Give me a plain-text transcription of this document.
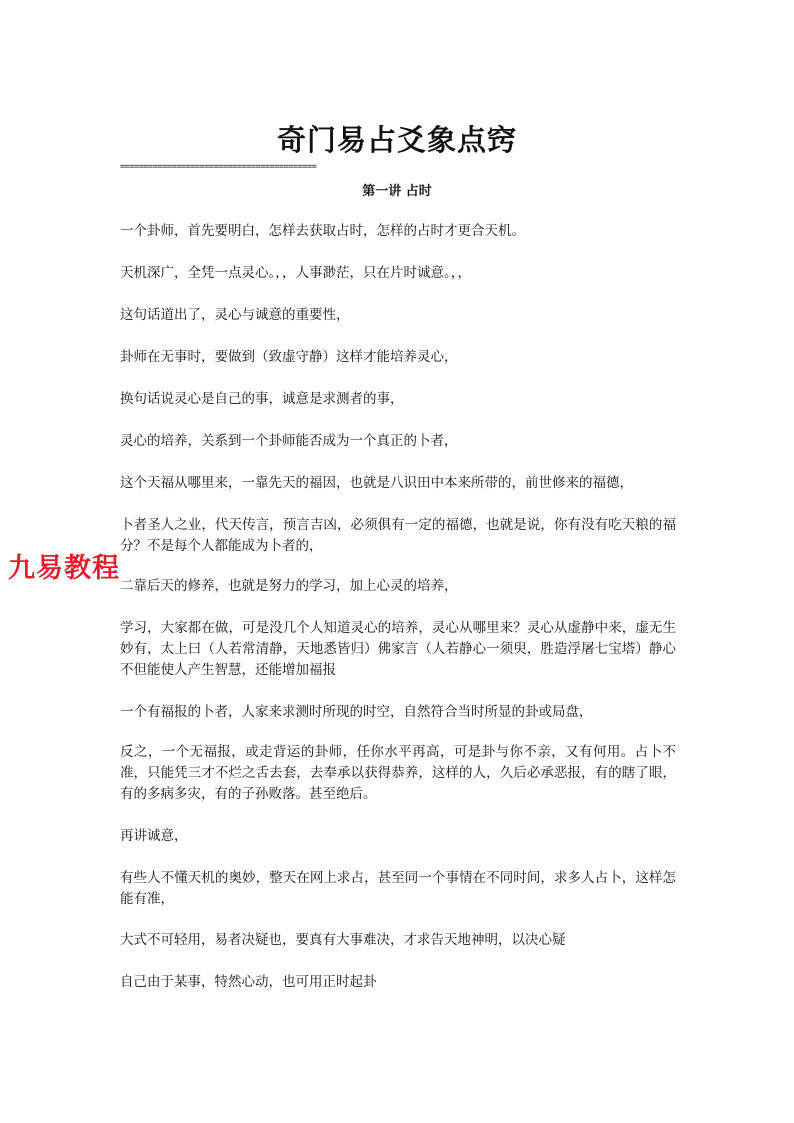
奇门易占爻象点窍
==========================================
第一讲 占时

一个卦师，首先要明白，怎样去获取占时，怎样的占时才更合天机。

天机深广，全凭一点灵心。，，人事渺茫，只在片时诚意。，，

这句话道出了，灵心与诚意的重要性，

卦师在无事时，要做到（致虚守静）这样才能培养灵心，

换句话说灵心是自己的事，诚意是求测者的事，

灵心的培养，关系到一个卦师能否成为一个真正的卜者，

这个天福从哪里来，一靠先天的福因，也就是八识田中本来所带的，前世修来的福德，

卜者圣人之业，代天传言，预言吉凶，必须俱有一定的福德，也就是说，你有没有吃天粮的福分？不是每个人都能成为卜者的，

二靠后天的修养，也就是努力的学习，加上心灵的培养，

学习，大家都在做，可是没几个人知道灵心的培养，灵心从哪里来？灵心从虚静中来，虚无生妙有，太上曰（人若常清静，天地悉皆归）佛家言（人若静心一须臾，胜造浮屠七宝塔）静心不但能使人产生智慧，还能增加福报

一个有福报的卜者，人家来求测时所现的时空，自然符合当时所显的卦或局盘，

反之，一个无福报，或走背运的卦师，任你水平再高，可是卦与你不亲，又有何用。占卜不准，只能凭三才不烂之舌去套，去奉承以获得恭养，这样的人，久后必承恶报，有的瞎了眼，有的多病多灾，有的子孙败落。甚至绝后。

再讲诚意，

有些人不懂天机的奥妙，整天在网上求占，甚至同一个事情在不同时间，求多人占卜，这样怎能有准，

大式不可轻用，易者决疑也，要真有大事难决，才求告天地神明，以决心疑

自己由于某事，特然心动，也可用正时起卦

九易教程
